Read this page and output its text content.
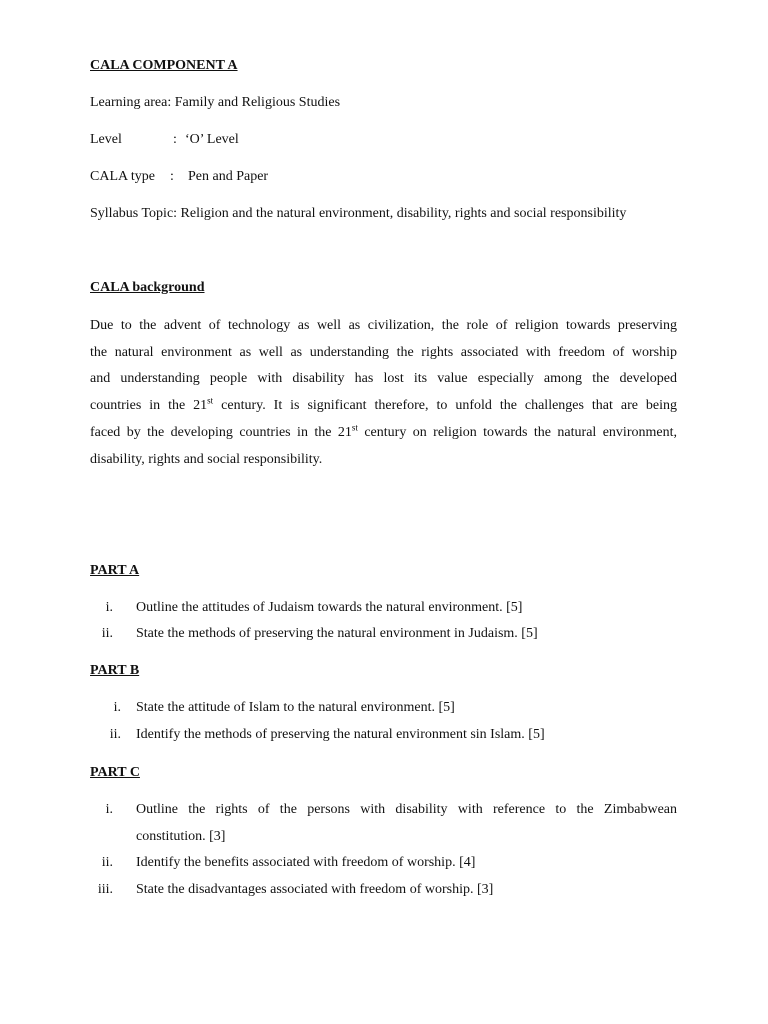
CALA COMPONENT A
Learning area: Family and Religious Studies
Level	: ‘O’ Level
CALA type : Pen and Paper
Syllabus Topic: Religion and the natural environment, disability, rights and social responsibility
CALA background
Due to the advent of technology as well as civilization, the role of religion towards preserving
the natural environment as well as understanding the rights associated with freedom of worship
and understanding people with disability has lost its value especially among the developed
countries in the 21st century. It is significant therefore, to unfold the challenges that are being
faced by the developing countries in the 21st century on religion towards the natural environment,
disability, rights and social responsibility.
PART A
i. Outline the attitudes of Judaism towards the natural environment. [5]
ii. State the methods of preserving the natural environment in Judaism. [5]
PART B
i. State the attitude of Islam to the natural environment. [5]
ii. Identify the methods of preserving the natural environment sin Islam. [5]
PART C
i. Outline the rights of the persons with disability with reference to the Zimbabwean
constitution. [3]
ii. Identify the benefits associated with freedom of worship. [4]
iii. State the disadvantages associated with freedom of worship. [3]
